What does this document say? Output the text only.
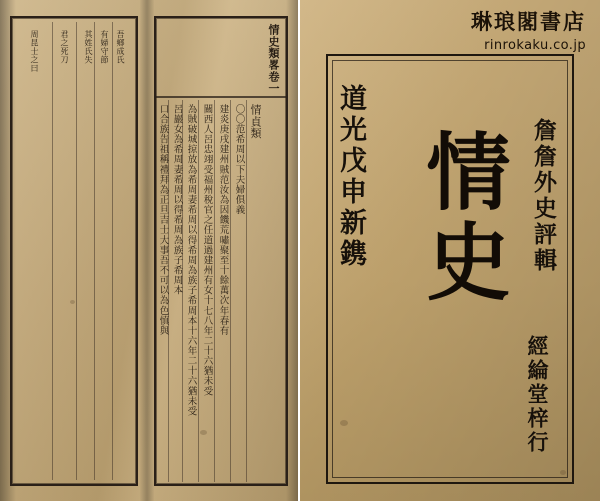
吾鄉成氏
有婦守節
其姓氏失
君之死刀
周昆士之曰	情史類畧卷一
情貞類
〇〇范希周以下夫婦俱義
建炎庚戌建州賊范汝為因饑荒嘯聚至十餘萬次年春有
關西人呂忠翊受福州稅官之任道過建州有女十七八年二十六猶未受
為賊破城掠放為希周妻希周以得希周為族子希周本十六年二十六猶未受
呂巖女為希周妻希周以得希周為族子希周本
口合族告祖稱禮拜為正旦吉士大事吾不可以為色慎與
琳琅閣書店
rinrokaku.co.jp
道光戊申新鎸	詹詹外史評輯
情史
經綸堂梓行
